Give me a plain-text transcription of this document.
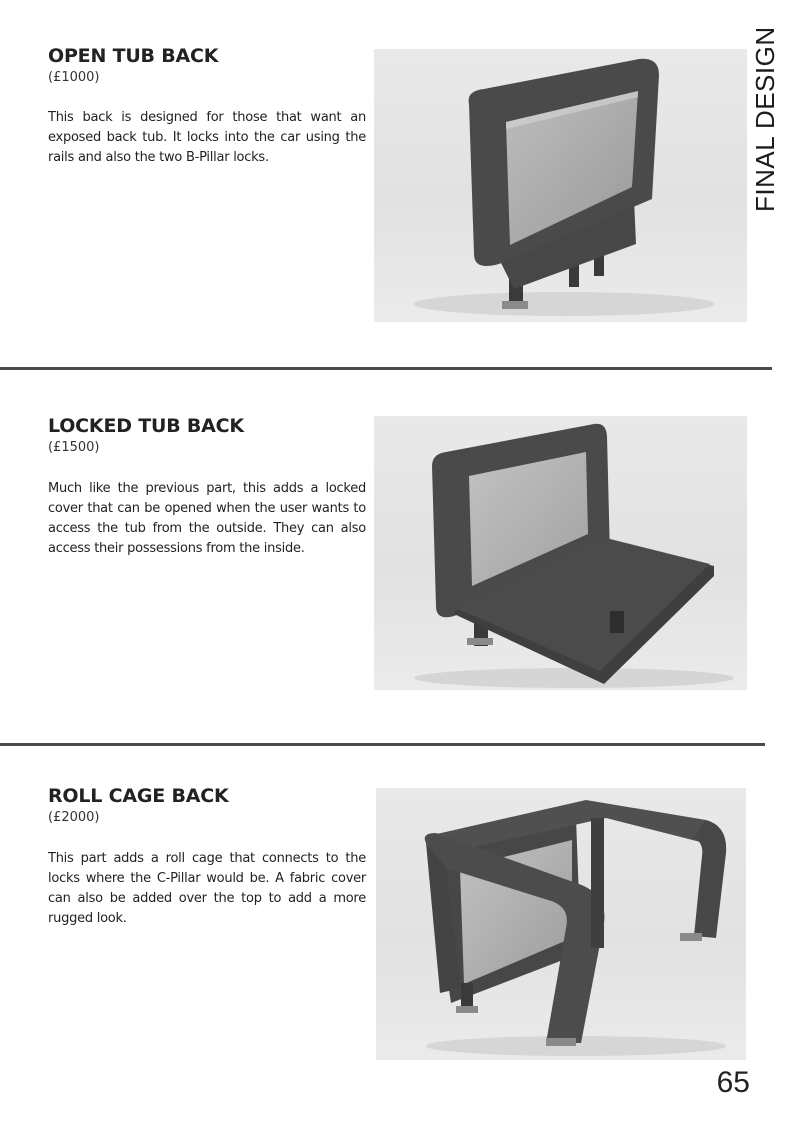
FINAL DESIGN
OPEN TUB BACK
(£1000)
This back is designed for those that want an exposed back tub. It locks into the car using the rails and also the two B-Pillar locks.
LOCKED TUB BACK
(£1500)
Much like the previous part, this adds a locked cover that can be opened when the user wants to access the tub from the outside. They can also access their possessions from the inside.
ROLL CAGE BACK
(£2000)
This part adds a roll cage that connects to the locks where the C-Pillar would be. A fabric cover can also be added over the top to add a more rugged look.
65
